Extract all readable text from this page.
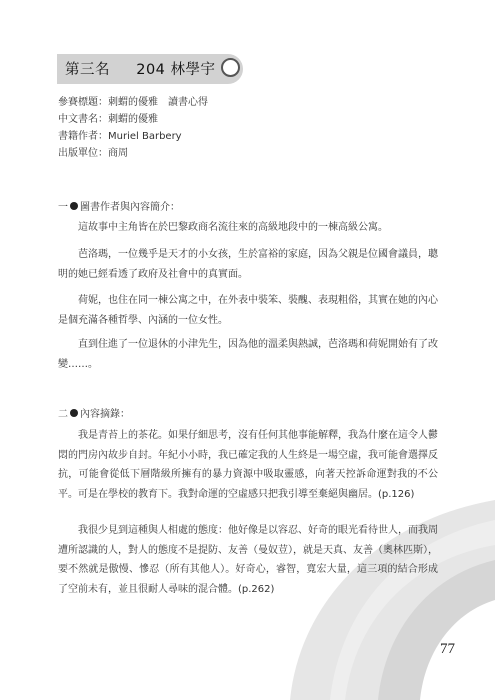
第三名 204 林學宇
參賽標題：刺蝟的優雅　讀書心得
中文書名：刺蝟的優雅
書籍作者：Muriel Barbery
出版單位：商周
一 圖書作者與內容簡介：
這故事中主角皆在於巴黎政商名流往來的高級地段中的一棟高級公寓。
芭洛瑪，一位幾乎是天才的小女孩，生於富裕的家庭，因為父親是位國會議員，聰明的她已經看透了政府及社會中的真實面。
荷妮，也住在同一棟公寓之中，在外表中裝笨、裝醜、表現粗俗，其實在她的內心是個充滿各種哲學、內涵的一位女性。
直到住進了一位退休的小津先生，因為他的溫柔與熱誠，芭洛瑪和荷妮開始有了改變……。
二 內容摘錄：
我是青苔上的茶花。如果仔細思考，沒有任何其他事能解釋，我為什麼在這令人鬱悶的門房內故步自封。年紀小小時，我已確定我的人生終是一場空虛，我可能會選擇反抗，可能會從低下層階級所擁有的暴力資源中吸取靈感，向著天控訴命運對我的不公平。可是在學校的教育下。我對命運的空虛感只把我引導至棄絕與幽居。(p.126)
我很少見到這種與人相處的態度：他好像是以容忍、好奇的眼光看待世人，而我周遭所認識的人，對人的態度不是提防、友善（曼奴荳），就是天真、友善（奧林匹斯），要不然就是傲慢、慘忍（所有其他人）。好奇心，睿智，寬宏大量，這三項的結合形成了空前未有，並且很耐人尋味的混合體。(p.262)
77
